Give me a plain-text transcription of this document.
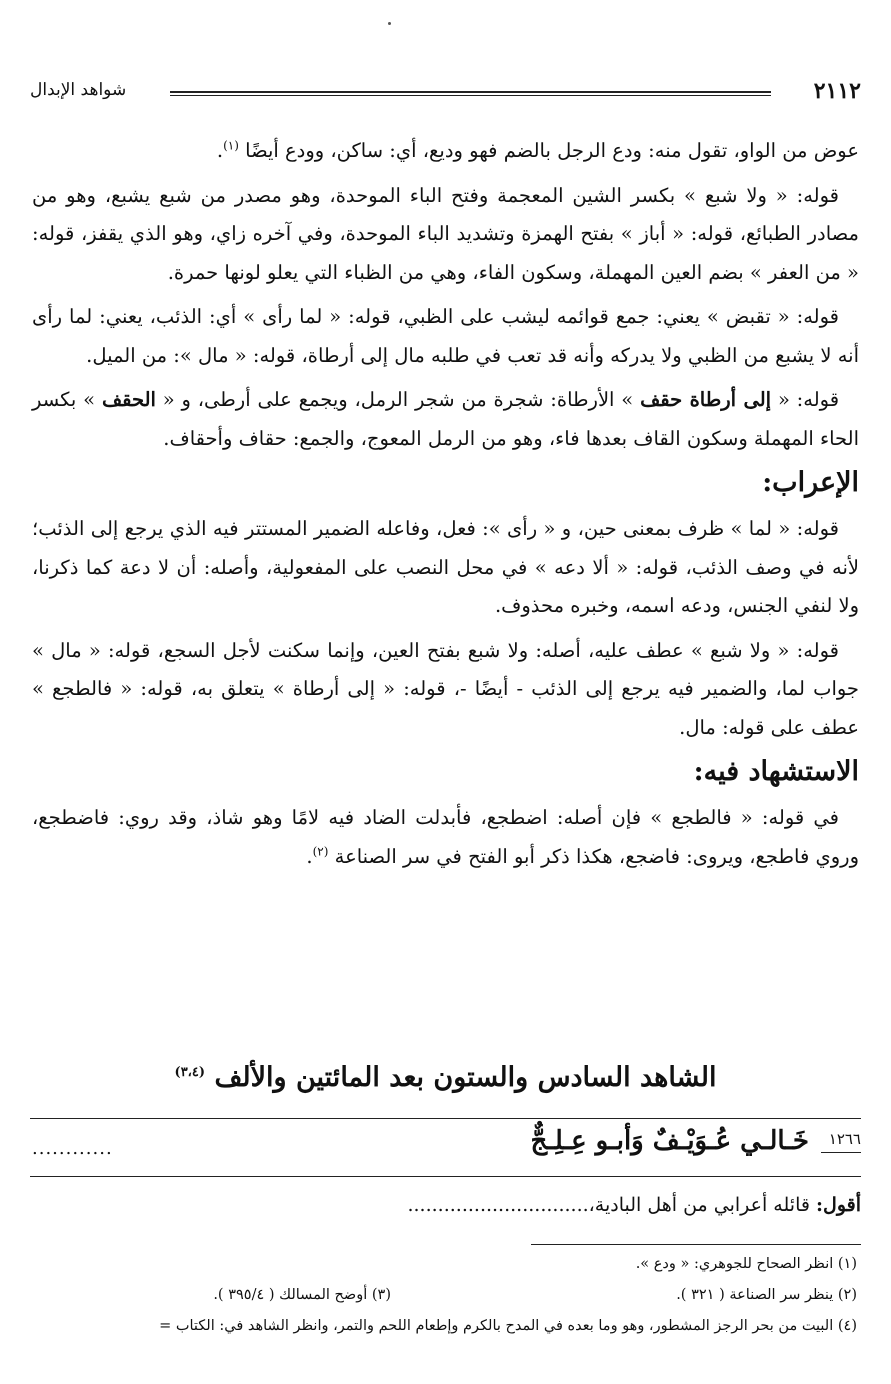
٢١١٢
شواهد الإبدال

عوض من الواو، تقول منه: ودع الرجل بالضم فهو وديع، أي: ساكن، وودع أيضًا $^{(١)}$.

قوله: « ولا شبع » بكسر الشين المعجمة وفتح الباء الموحدة، وهو مصدر من شبع يشبع، وهو من مصادر الطبائع، قوله: « أباز » بفتح الهمزة وتشديد الباء الموحدة، وفي آخره زاي، وهو الذي يقفز، قوله: « من العفر » بضم العين المهملة، وسكون الفاء، وهي من الظباء التي يعلو لونها حمرة.

قوله: « تقبض » يعني: جمع قوائمه ليشب على الظبي، قوله: « لما رأى » أي: الذئب، يعني: لما رأى أنه لا يشبع من الظبي ولا يدركه وأنه قد تعب في طلبه مال إلى أرطاة، قوله: « مال »: من الميل.

قوله: « إلى أرطاة حقف » الأرطاة: شجرة من شجر الرمل، ويجمع على أرطى، و « الحقف » بكسر الحاء المهملة وسكون القاف بعدها فاء، وهو من الرمل المعوج، والجمع: حقاف وأحقاف.

الإعراب:

قوله: « لما » ظرف بمعنى حين، و « رأى »: فعل، وفاعله الضمير المستتر فيه الذي يرجع إلى الذئب؛ لأنه في وصف الذئب، قوله: « ألا دعه » في محل النصب على المفعولية، وأصله: أن لا دعة كما ذكرنا، ولا لنفي الجنس، ودعه اسمه، وخبره محذوف.

قوله: « ولا شبع » عطف عليه، أصله: ولا شبع بفتح العين، وإنما سكنت لأجل السجع، قوله: « مال » جواب لما، والضمير فيه يرجع إلى الذئب - أيضًا -، قوله: « إلى أرطاة » يتعلق به، قوله: « فالطجع » عطف على قوله: مال.

الاستشهاد فيه:

في قوله: « فالطجع » فإن أصله: اضطجع، فأبدلت الضاد فيه لامًا وهو شاذ، وقد روي: فاضطجع، وروي فاطجع، ويروى: فاضجع، هكذا ذكر أبو الفتح في سر الصناعة $^{(٢)}$.

الشاهد السادس والستون بعد المائتين والألف $^{(٣،٤)}$
١٢٦٦
خَـالـي عُـوَيْـفٌ وَأبـو عِـلِـجٌّ
............
أقول: قائله أعرابي من أهل البادية،..............................
(١) انظر الصحاح للجوهري: « ودع ».
(٢) ينظر سر الصناعة ( ٣٢١ ).
(٣) أوضح المسالك ( ٣٩٥/٤ ).
(٤) البيت من بحر الرجز المشطور، وهو وما بعده في المدح بالكرم وإطعام اللحم والتمر، وانظر الشاهد في: الكتاب =
